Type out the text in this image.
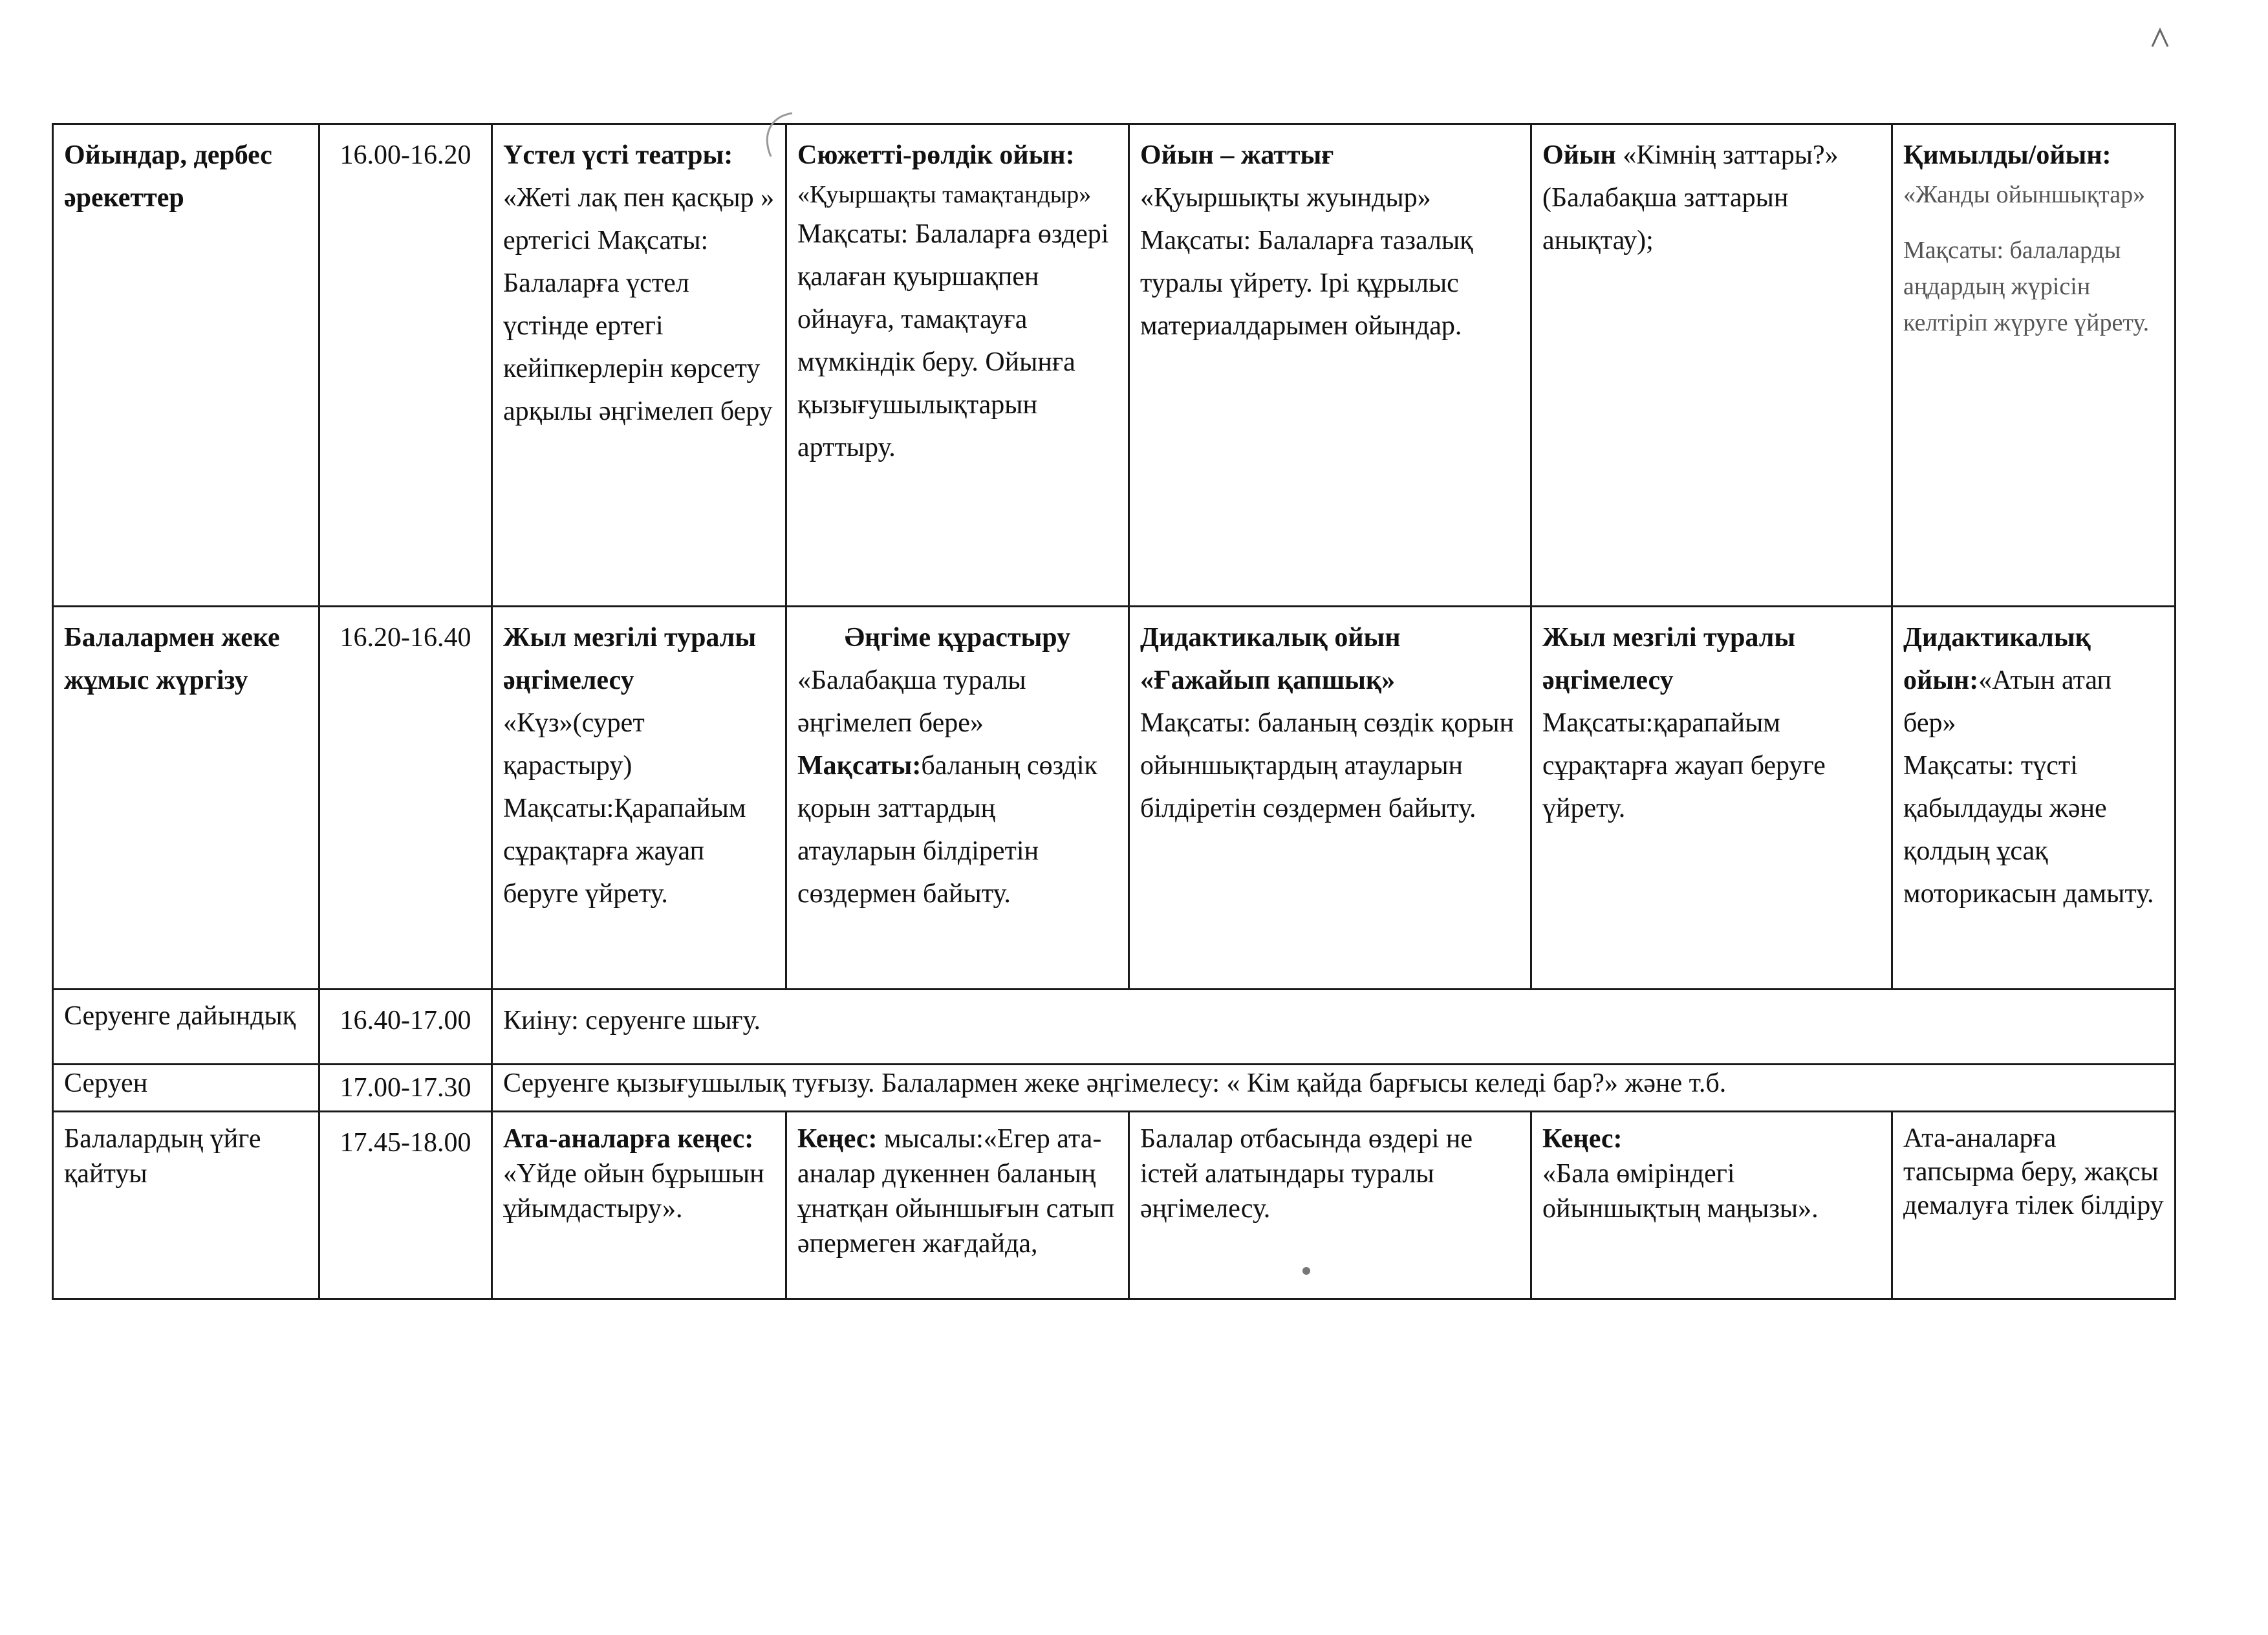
Ойындар, дербес әрекеттер	16.00-16.20	Үстел үсті театры:
«Жеті лақ пен қасқыр » ертегісі Мақсаты: Балаларға үстел үстінде ертегі кейіпкерлерін көрсету арқылы әңгімелеп беру	Сюжетті-рөлдік ойын:
«Қуыршақты тамақтандыр»
Мақсаты: Балаларға өздері қалаған қуыршақпен ойнауға, тамақтауға мүмкіндік беру. Ойынға қызығушылықтарын арттыру.	Ойын – жаттығ
«Қуыршықты жуындыр»
Мақсаты: Балаларға тазалық туралы үйрету. Ірі құрылыс материалдарымен ойындар.	Ойын «Кімнің заттары?» (Балабақша заттарын анықтау);	Қимылды/ойын:
«Жанды ойыншықтар»
Мақсаты: балаларды аңдардың жүрісін келтіріп жүруге үйрету.

Балалармен жеке жұмыс жүргізу	16.20-16.40	Жыл мезгілі туралы әңгімелесу
«Күз»(сурет қарастыру) Мақсаты:Қарапайым сұрақтарға жауап беруге үйрету.	Әңгіме құрастыру
«Балабақша туралы әңгімелеп бере»
Мақсаты:баланың сөздік қорын заттардың атауларын білдіретін сөздермен байыту.	Дидактикалық ойын «Ғажайып қапшық»
Мақсаты: баланың сөздік қорын ойыншықтардың атауларын білдіретін сөздермен байыту.	Жыл мезгілі туралы әңгімелесу
Мақсаты:қарапайым сұрақтарға жауап беруге үйрету.	Дидактикалық ойын:«Атын атап бер»
Мақсаты: түсті қабылдауды және қолдың ұсақ моторикасын дамыту.

Серуенге дайындық	16.40-17.00	Киіну: серуенге шығу.				
Серуен	17.00-17.30	Серуенге қызығушылық туғызу. Балалармен жеке әңгімелесу: « Кім қайда барғысы келеді бар?» және т.б.				
Балалардың үйге қайтуы	17.45-18.00	Ата-аналарға кеңес:
«Үйде ойын бұрышын ұйымдастыру».	Кеңес: мысалы:«Егер ата-аналар дүкеннен баланың ұнатқан ойыншығын сатып әпермеген жағдайда,	Балалар отбасында өздері не істей алатындары туралы әңгімелесу.	Кеңес:
«Бала өміріндегі ойыншықтың маңызы».	Ата-аналарға тапсырма беру, жақсы демалуға тілек білдіру
